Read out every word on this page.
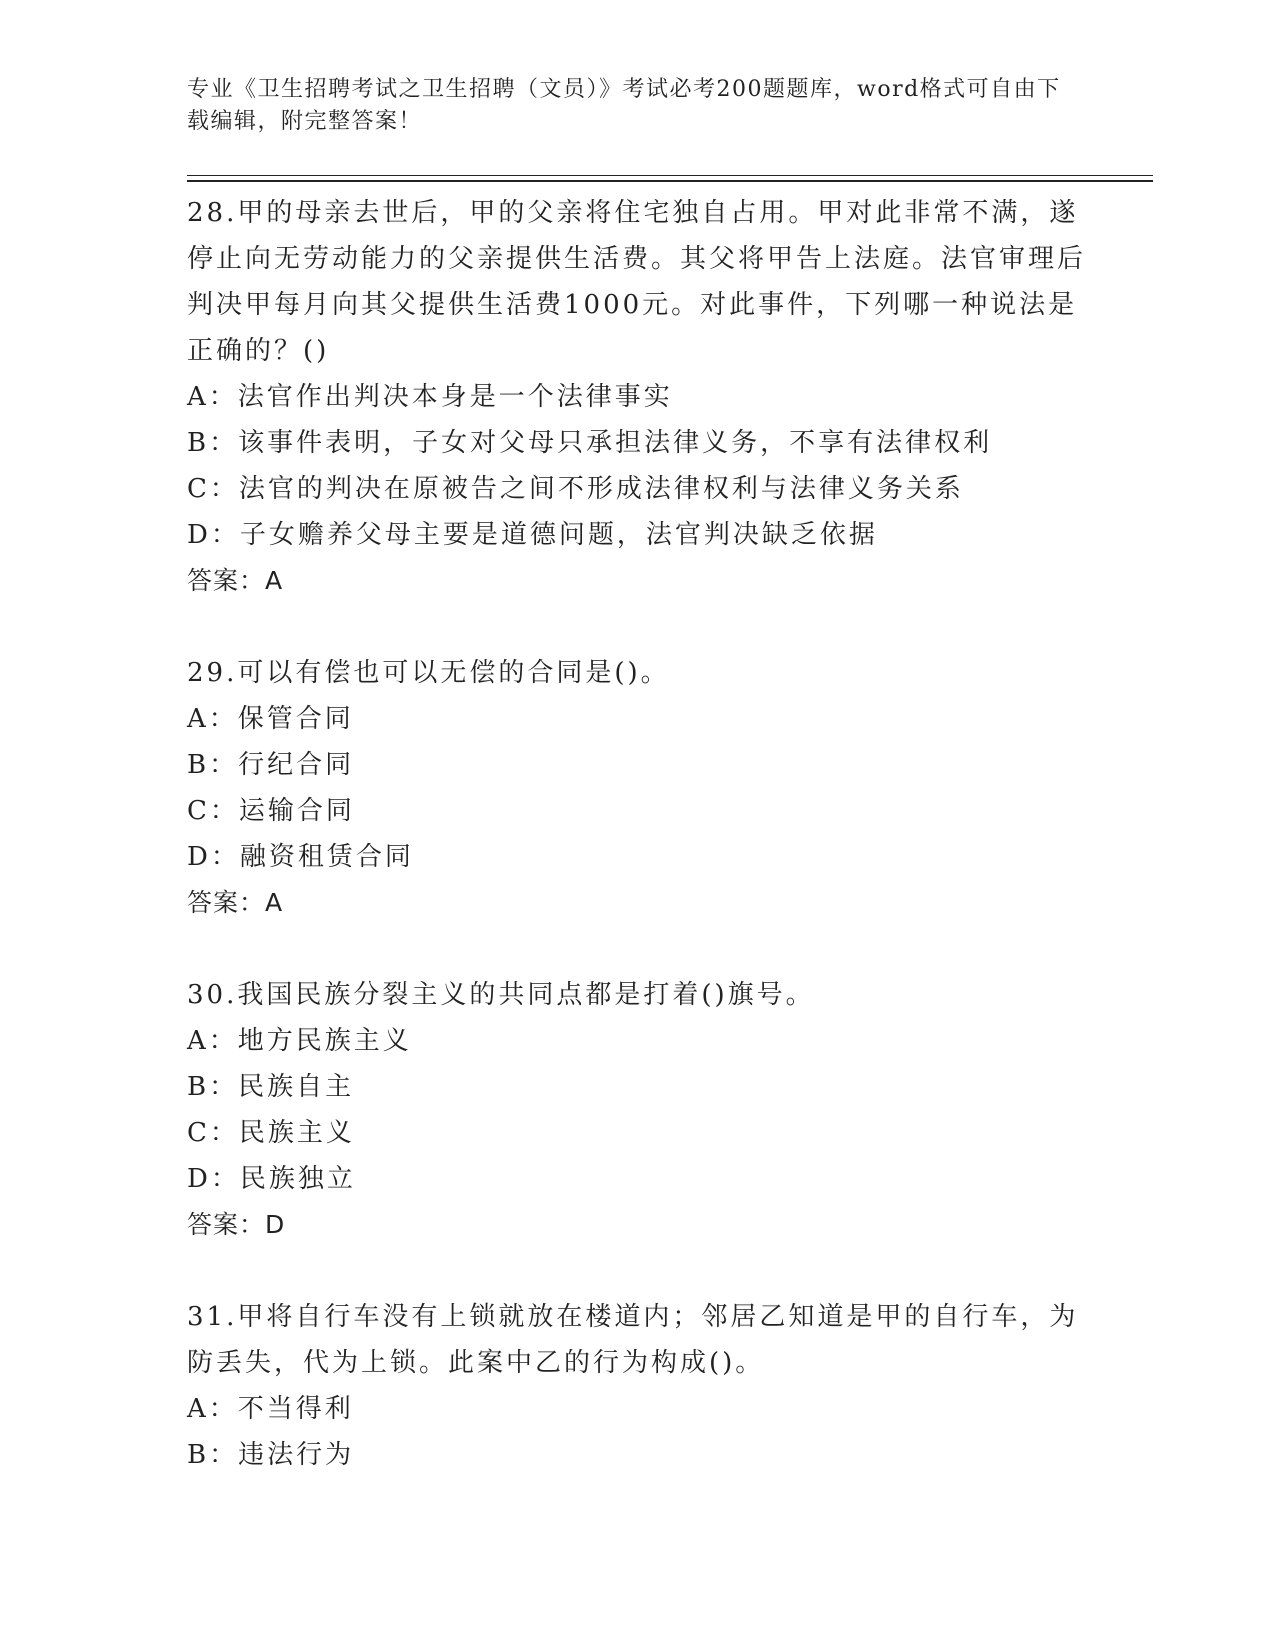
专业《卫生招聘考试之卫生招聘（文员）》考试必考200题题库，word格式可自由下载编辑，附完整答案！

28.甲的母亲去世后，甲的父亲将住宅独自占用。甲对此非常不满，遂停止向无劳动能力的父亲提供生活费。其父将甲告上法庭。法官审理后判决甲每月向其父提供生活费1000元。对此事件，下列哪一种说法是正确的？()

A：法官作出判决本身是一个法律事实

B：该事件表明，子女对父母只承担法律义务，不享有法律权利

C：法官的判决在原被告之间不形成法律权利与法律义务关系

D：子女赡养父母主要是道德问题，法官判决缺乏依据

答案：A

29.可以有偿也可以无偿的合同是()。

A：保管合同

B：行纪合同

C：运输合同

D：融资租赁合同

答案：A

30.我国民族分裂主义的共同点都是打着()旗号。

A：地方民族主义

B：民族自主

C：民族主义

D：民族独立

答案：D

31.甲将自行车没有上锁就放在楼道内；邻居乙知道是甲的自行车，为防丢失，代为上锁。此案中乙的行为构成()。

A：不当得利

B：违法行为
